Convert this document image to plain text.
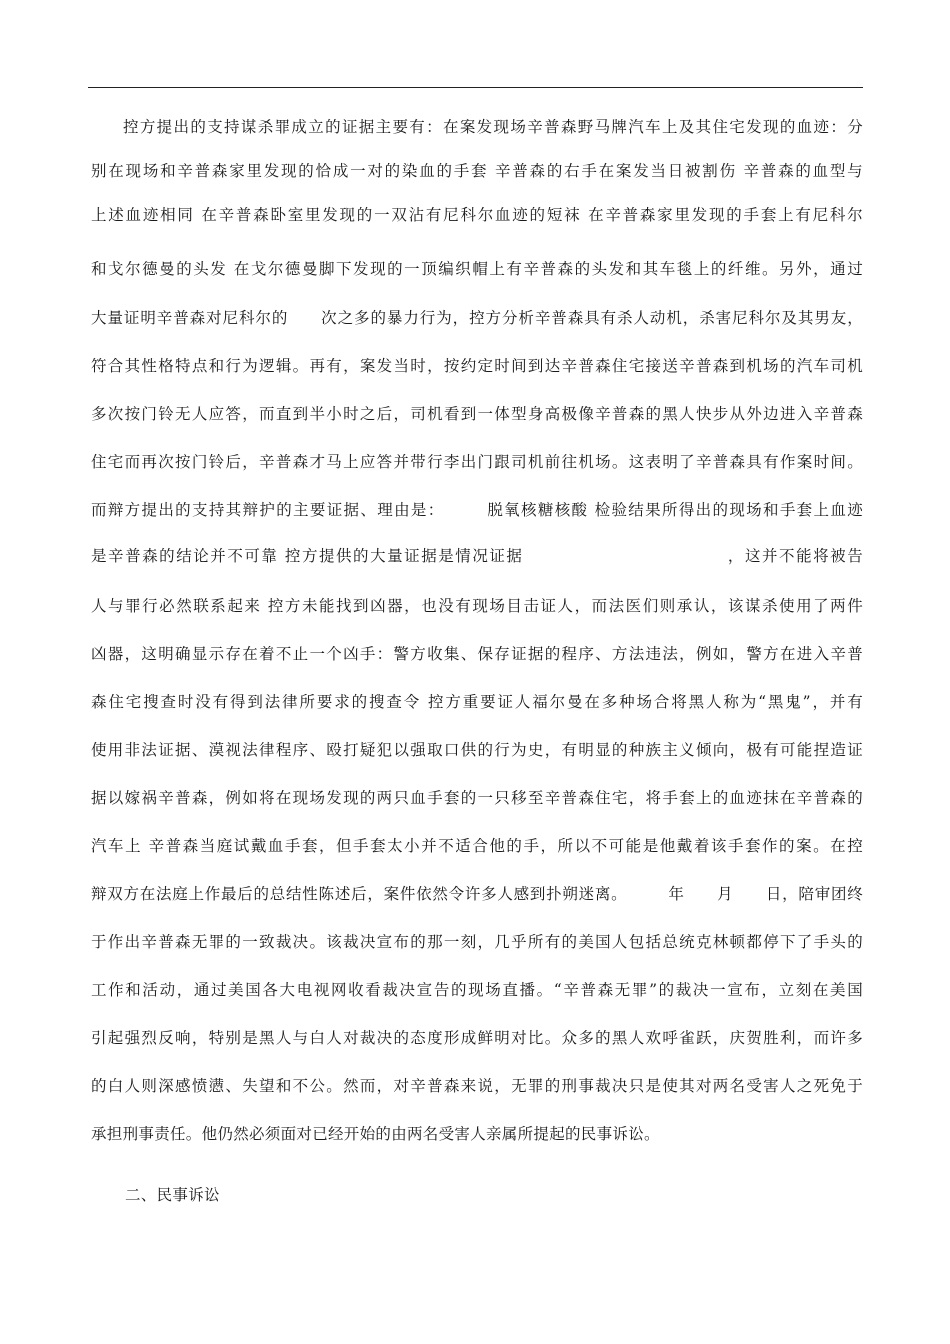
控方提出的支持谋杀罪成立的证据主要有：在案发现场辛普森野马牌汽车上及其住宅发现的血迹：分
别在现场和辛普森家里发现的恰成一对的染血的手套 辛普森的右手在案发当日被割伤 辛普森的血型与
上述血迹相同 在辛普森卧室里发现的一双沾有尼科尔血迹的短袜 在辛普森家里发现的手套上有尼科尔
和戈尔德曼的头发 在戈尔德曼脚下发现的一顶编织帽上有辛普森的头发和其车毯上的纤维。另外，通过
大量证明辛普森对尼科尔的　　次之多的暴力行为，控方分析辛普森具有杀人动机，杀害尼科尔及其男友，
符合其性格特点和行为逻辑。再有，案发当时，按约定时间到达辛普森住宅接送辛普森到机场的汽车司机
多次按门铃无人应答，而直到半小时之后，司机看到一体型身高极像辛普森的黑人快步从外边进入辛普森
住宅而再次按门铃后，辛普森才马上应答并带行李出门跟司机前往机场。这表明了辛普森具有作案时间。
而辩方提出的支持其辩护的主要证据、理由是：　　　脱氧核糖核酸 检验结果所得出的现场和手套上血迹
是辛普森的结论并不可靠 控方提供的大量证据是情况证据　　　　　　　　　　　　，这并不能将被告
人与罪行必然联系起来 控方未能找到凶器，也没有现场目击证人，而法医们则承认，该谋杀使用了两件
凶器，这明确显示存在着不止一个凶手：警方收集、保存证据的程序、方法违法，例如，警方在进入辛普
森住宅搜查时没有得到法律所要求的搜查令 控方重要证人福尔曼在多种场合将黑人称为“黑鬼”，并有
使用非法证据、漠视法律程序、殴打疑犯以强取口供的行为史，有明显的种族主义倾向，极有可能捏造证
据以嫁祸辛普森，例如将在现场发现的两只血手套的一只移至辛普森住宅，将手套上的血迹抹在辛普森的
汽车上 辛普森当庭试戴血手套，但手套太小并不适合他的手，所以不可能是他戴着该手套作的案。在控
辩双方在法庭上作最后的总结性陈述后，案件依然令许多人感到扑朔迷离。　　　年　　月　　日，陪审团终
于作出辛普森无罪的一致裁决。该裁决宣布的那一刻，几乎所有的美国人包括总统克林顿都停下了手头的
工作和活动，通过美国各大电视网收看裁决宣告的现场直播。“辛普森无罪”的裁决一宣布，立刻在美国
引起强烈反响，特别是黑人与白人对裁决的态度形成鲜明对比。众多的黑人欢呼雀跃，庆贺胜利，而许多
的白人则深感愤懑、失望和不公。然而，对辛普森来说，无罪的刑事裁决只是使其对两名受害人之死免于
承担刑事责任。他仍然必须面对已经开始的由两名受害人亲属所提起的民事诉讼。
二、民事诉讼
